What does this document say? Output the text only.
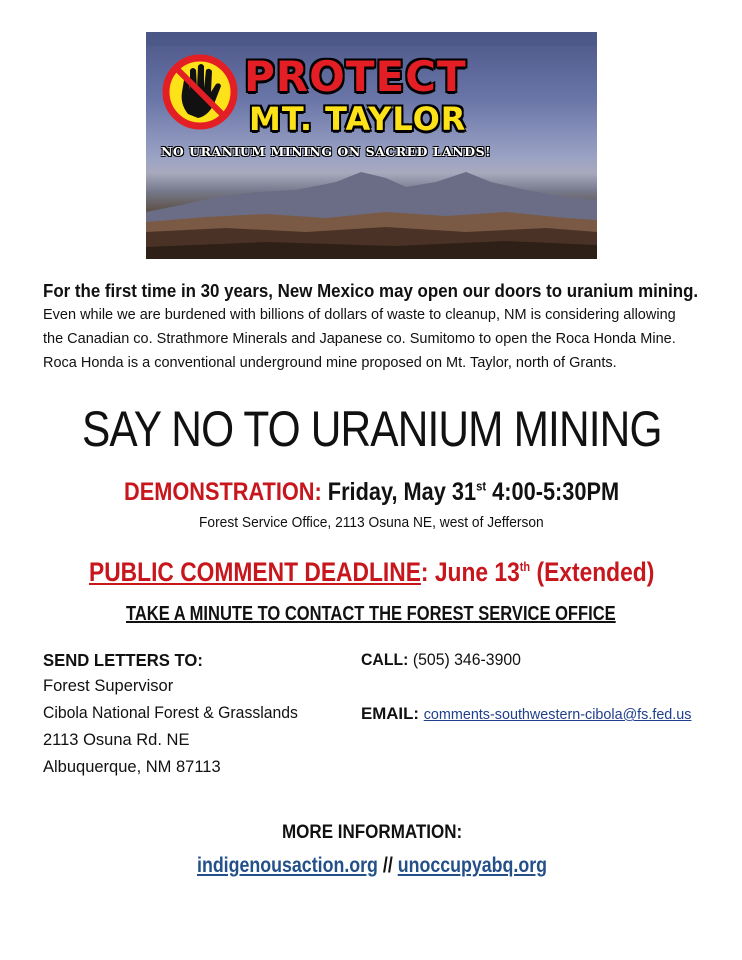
PROTECT
MT. TAYLOR
NO URANIUM MINING ON SACRED LANDS!
For the first time in 30 years, New Mexico may open our doors to uranium mining.
Even while we are burdened with billions of dollars of waste to cleanup, NM is considering allowing
the Canadian co. Strathmore Minerals and Japanese co. Sumitomo to open the Roca Honda Mine.
Roca Honda is a conventional underground mine proposed on Mt. Taylor, north of Grants.
SAY NO TO URANIUM MINING
DEMONSTRATION: Friday, May 31st 4:00-5:30PM
Forest Service Office, 2113 Osuna NE, west of Jefferson
PUBLIC COMMENT DEADLINE: June 13th (Extended)
TAKE A MINUTE TO CONTACT THE FOREST SERVICE OFFICE
SEND LETTERS TO:
Forest Supervisor
Cibola National Forest & Grasslands
2113 Osuna Rd. NE
Albuquerque, NM 87113
CALL: (505) 346-3900
EMAIL: comments-southwestern-cibola@fs.fed.us
MORE INFORMATION:
indigenousaction.org // unoccupyabq.org
